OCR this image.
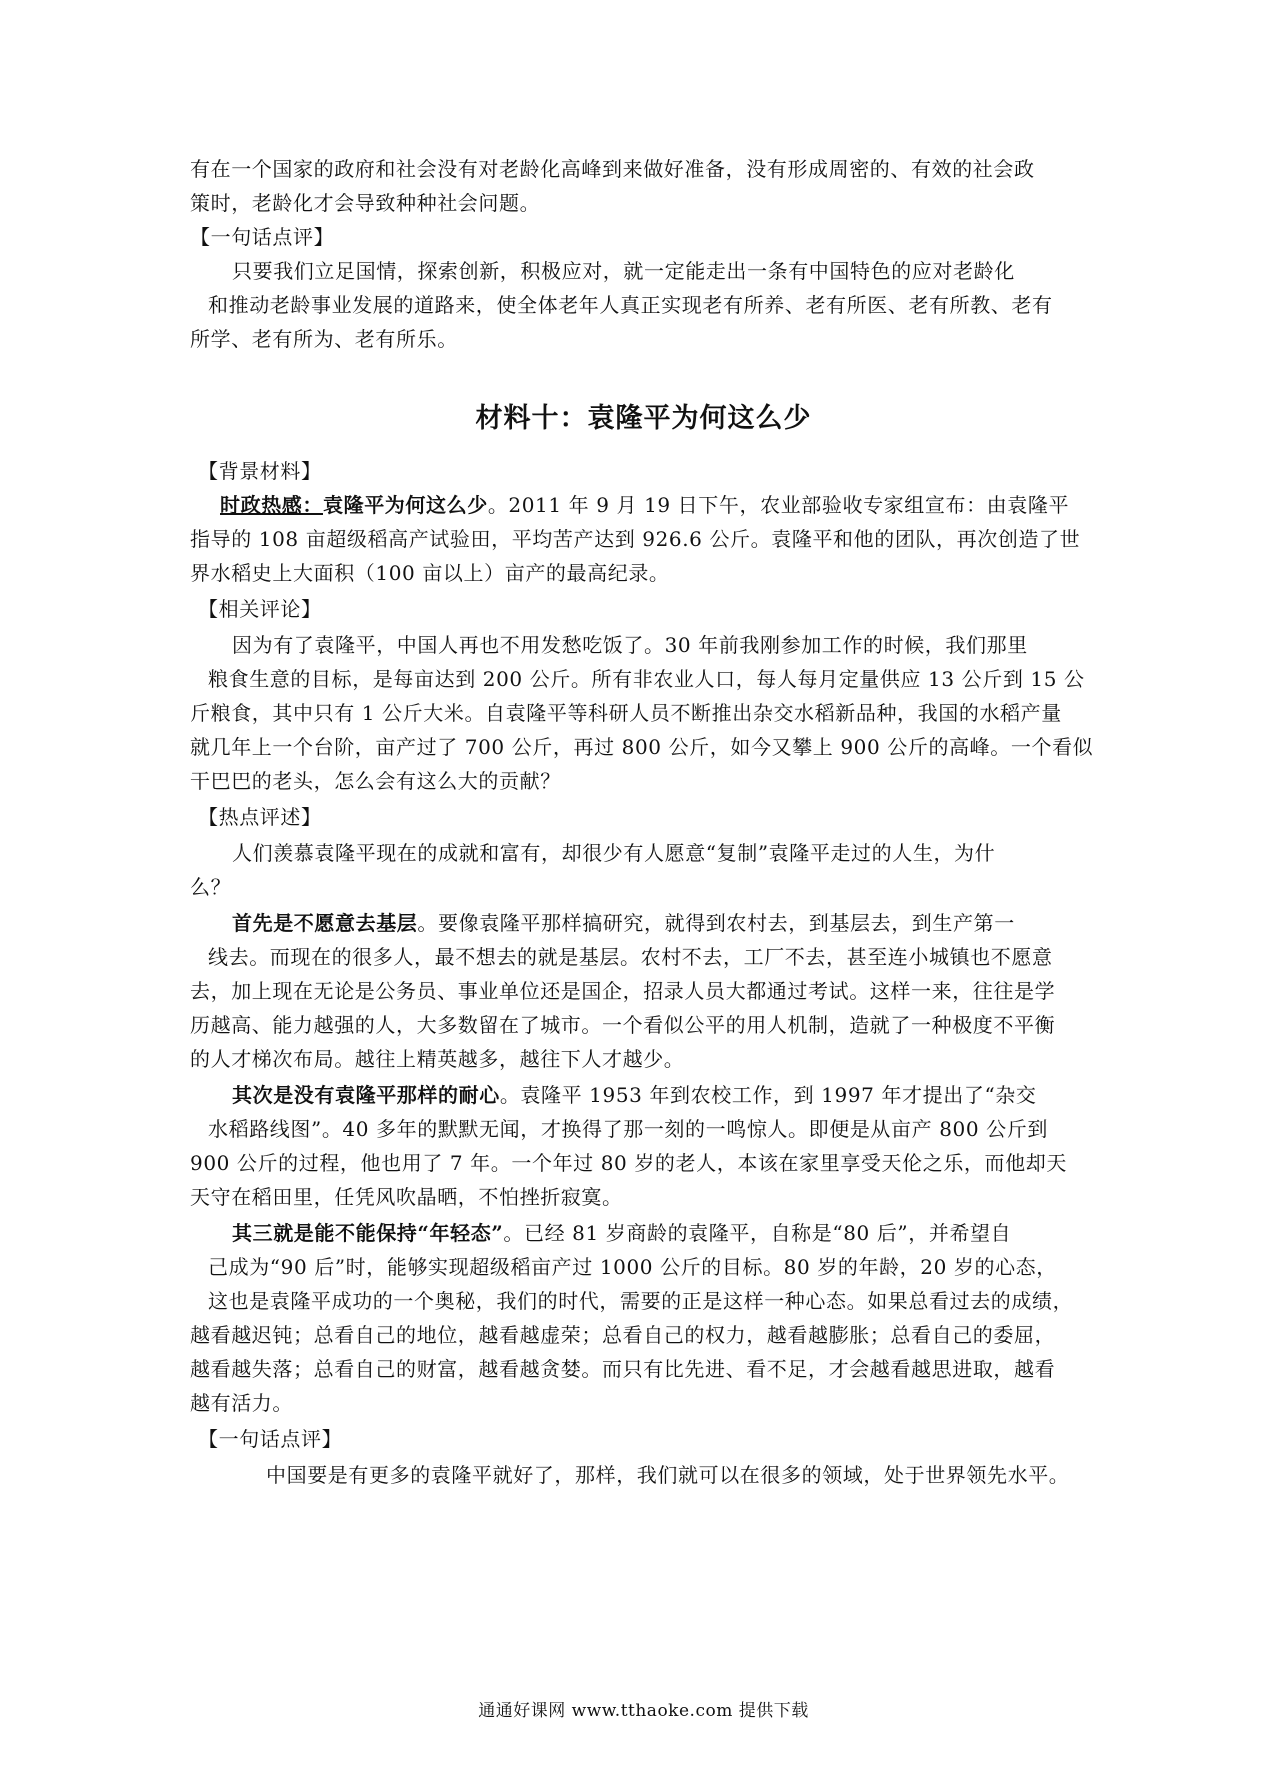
有在一个国家的政府和社会没有对老龄化高峰到来做好准备，没有形成周密的、有效的社会政
策时，老龄化才会导致种种社会问题。
【一句话点评】
只要我们立足国情，探索创新，积极应对，就一定能走出一条有中国特色的应对老龄化
和推动老龄事业发展的道路来，使全体老年人真正实现老有所养、老有所医、老有所教、老有
所学、老有所为、老有所乐。
材料十：袁隆平为何这么少
【背景材料】
时政热感：袁隆平为何这么少。2011 年 9 月 19 日下午，农业部验收专家组宣布：由袁隆平
指导的 108 亩超级稻高产试验田，平均苦产达到 926.6 公斤。袁隆平和他的团队，再次创造了世
界水稻史上大面积（100 亩以上）亩产的最高纪录。
【相关评论】
因为有了袁隆平，中国人再也不用发愁吃饭了。30 年前我刚参加工作的时候，我们那里
粮食生意的目标，是每亩达到 200 公斤。所有非农业人口，每人每月定量供应 13 公斤到 15 公
斤粮食，其中只有 1 公斤大米。自袁隆平等科研人员不断推出杂交水稻新品种，我国的水稻产量
就几年上一个台阶，亩产过了 700 公斤，再过 800 公斤，如今又攀上 900 公斤的高峰。一个看似
干巴巴的老头，怎么会有这么大的贡献？
【热点评述】
人们羡慕袁隆平现在的成就和富有，却很少有人愿意“复制”袁隆平走过的人生，为什
么？
首先是不愿意去基层。要像袁隆平那样搞研究，就得到农村去，到基层去，到生产第一
线去。而现在的很多人，最不想去的就是基层。农村不去，工厂不去，甚至连小城镇也不愿意
去，加上现在无论是公务员、事业单位还是国企，招录人员大都通过考试。这样一来，往往是学
历越高、能力越强的人，大多数留在了城市。一个看似公平的用人机制，造就了一种极度不平衡
的人才梯次布局。越往上精英越多，越往下人才越少。
其次是没有袁隆平那样的耐心。袁隆平 1953 年到农校工作，到 1997 年才提出了“杂交
水稻路线图”。40 多年的默默无闻，才换得了那一刻的一鸣惊人。即便是从亩产 800 公斤到
900 公斤的过程，他也用了 7 年。一个年过 80 岁的老人，本该在家里享受天伦之乐，而他却天
天守在稻田里，任凭风吹晶晒，不怕挫折寂寞。
其三就是能不能保持“年轻态”。已经 81 岁商龄的袁隆平，自称是“80 后”，并希望自
己成为“90 后”时，能够实现超级稻亩产过 1000 公斤的目标。80 岁的年龄，20 岁的心态，
这也是袁隆平成功的一个奥秘，我们的时代，需要的正是这样一种心态。如果总看过去的成绩，
越看越迟钝；总看自己的地位，越看越虚荣；总看自己的权力，越看越膨胀；总看自己的委屈，
越看越失落；总看自己的财富，越看越贪婪。而只有比先进、看不足，才会越看越思进取，越看
越有活力。
【一句话点评】
中国要是有更多的袁隆平就好了，那样，我们就可以在很多的领域，处于世界领先水平。
通通好课网 www.tthaoke.com 提供下载
